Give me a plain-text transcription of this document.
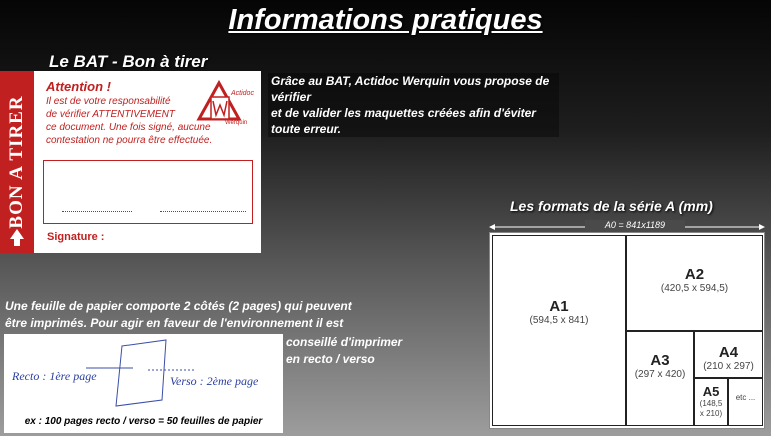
Informations pratiques
Le BAT - Bon à tirer
BON A TIRER
Attention !
Il est de votre responsabilité
de vérifier ATTENTIVEMENT
ce document. Une fois signé, aucune
contestation ne pourra être effectuée.
Actidoc
Werquin
Nombre de correction(s) :
(à indiquer clairement sur le document)
le	par
Signature :
Grâce au BAT, Actidoc Werquin vous propose de vérifier
et de valider les maquettes créées afin d'éviter toute erreur.
Les formats de la série A (mm)
A0 = 841x1189
A1
(594,5 x 841)
A2
(420,5 x 594,5)
A3
(297 x 420)
A4
(210 x 297)
A5
(148,5
x 210)
etc ...
Une feuille de papier comporte 2 côtés (2 pages) qui peuvent
être imprimés. Pour agir en faveur de l'environnement il est
conseillé d'imprimer
en recto / verso
Recto : 1ère page	Verso : 2ème page
ex : 100 pages recto / verso = 50 feuilles de papier
